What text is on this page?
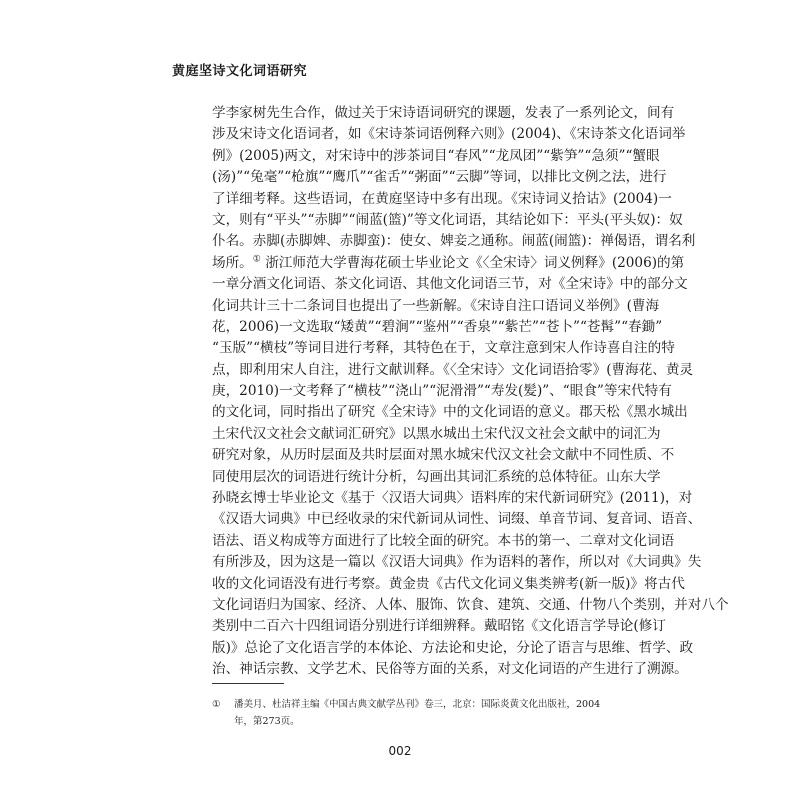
黄庭坚诗文化词语研究
学李家树先生合作，做过关于宋诗语词研究的课题，发表了一系列论文，间有
涉及宋诗文化语词者，如《宋诗茶词语例释六则》(2004)、《宋诗茶文化语词举
例》(2005)两文，对宋诗中的涉茶词目“春风”“龙凤团”“紫笋”“急须”“蟹眼
(汤)”“兔毫”“枪旗”“鹰爪”“雀舌”“粥面”“云脚”等词，以排比文例之法，进行
了详细考释。这些语词，在黄庭坚诗中多有出现。《宋诗词义拾诂》(2004)一
文，则有“平头”“赤脚”“闹蓝(篮)”等文化词语，其结论如下：平头(平头奴)：奴
仆名。赤脚(赤脚婢、赤脚蛮)：使女、婢妾之通称。闹蓝(闹篮)：禅偈语，谓名利
场所。① 浙江师范大学曹海花硕士毕业论文《〈全宋诗〉词义例释》(2006)的第
一章分酒文化词语、茶文化词语、其他文化词语三节，对《全宋诗》中的部分文
化词共计三十二条词目也提出了一些新解。《宋诗自注口语词义举例》(曹海
花，2006)一文选取“矮黄”“碧涧”“鉴州”“香泉”“紫芒”“苍卜”“苍髯”“春鋤”
“玉版”“横枝”等词目进行考释，其特色在于，文章注意到宋人作诗喜自注的特
点，即利用宋人自注，进行文献训释。《〈全宋诗〉文化词语拾零》(曹海花、黄灵
庚，2010)一文考释了“横枝”“浇山”“泥滑滑”“寿发(髪)”、“眼食”等宋代特有
的文化词，同时指出了研究《全宋诗》中的文化词语的意义。郡天松《黑水城出
土宋代汉文社会文献词汇研究》以黑水城出土宋代汉文社会文献中的词汇为
研究对象，从历时层面及共时层面对黑水城宋代汉文社会文献中不同性质、不
同使用层次的词语进行统计分析，勾画出其词汇系统的总体特征。山东大学
孙晓玄博士毕业论文《基于〈汉语大词典〉语料库的宋代新词研究》(2011)，对
《汉语大词典》中已经收录的宋代新词从词性、词缀、单音节词、复音词、语音、
语法、语义构成等方面进行了比较全面的研究。本书的第一、二章对文化词语
有所涉及，因为这是一篇以《汉语大词典》作为语料的著作，所以对《大词典》失
收的文化词语没有进行考察。黄金贵《古代文化词义集类辨考(新一版)》将古代
文化词语归为国家、经济、人体、服饰、饮食、建筑、交通、什物八个类别，并对八个
类别中二百六十四组词语分别进行详细辨释。戴昭铭《文化语言学导论(修订
版)》总论了文化语言学的本体论、方法论和史论，分论了语言与思维、哲学、政
治、神话宗教、文学艺术、民俗等方面的关系，对文化词语的产生进行了溯源。
① 潘美月、杜洁祥主编《中国古典文献学丛刊》卷三，北京：国际炎黄文化出版社，2004
年，第273页。
002
